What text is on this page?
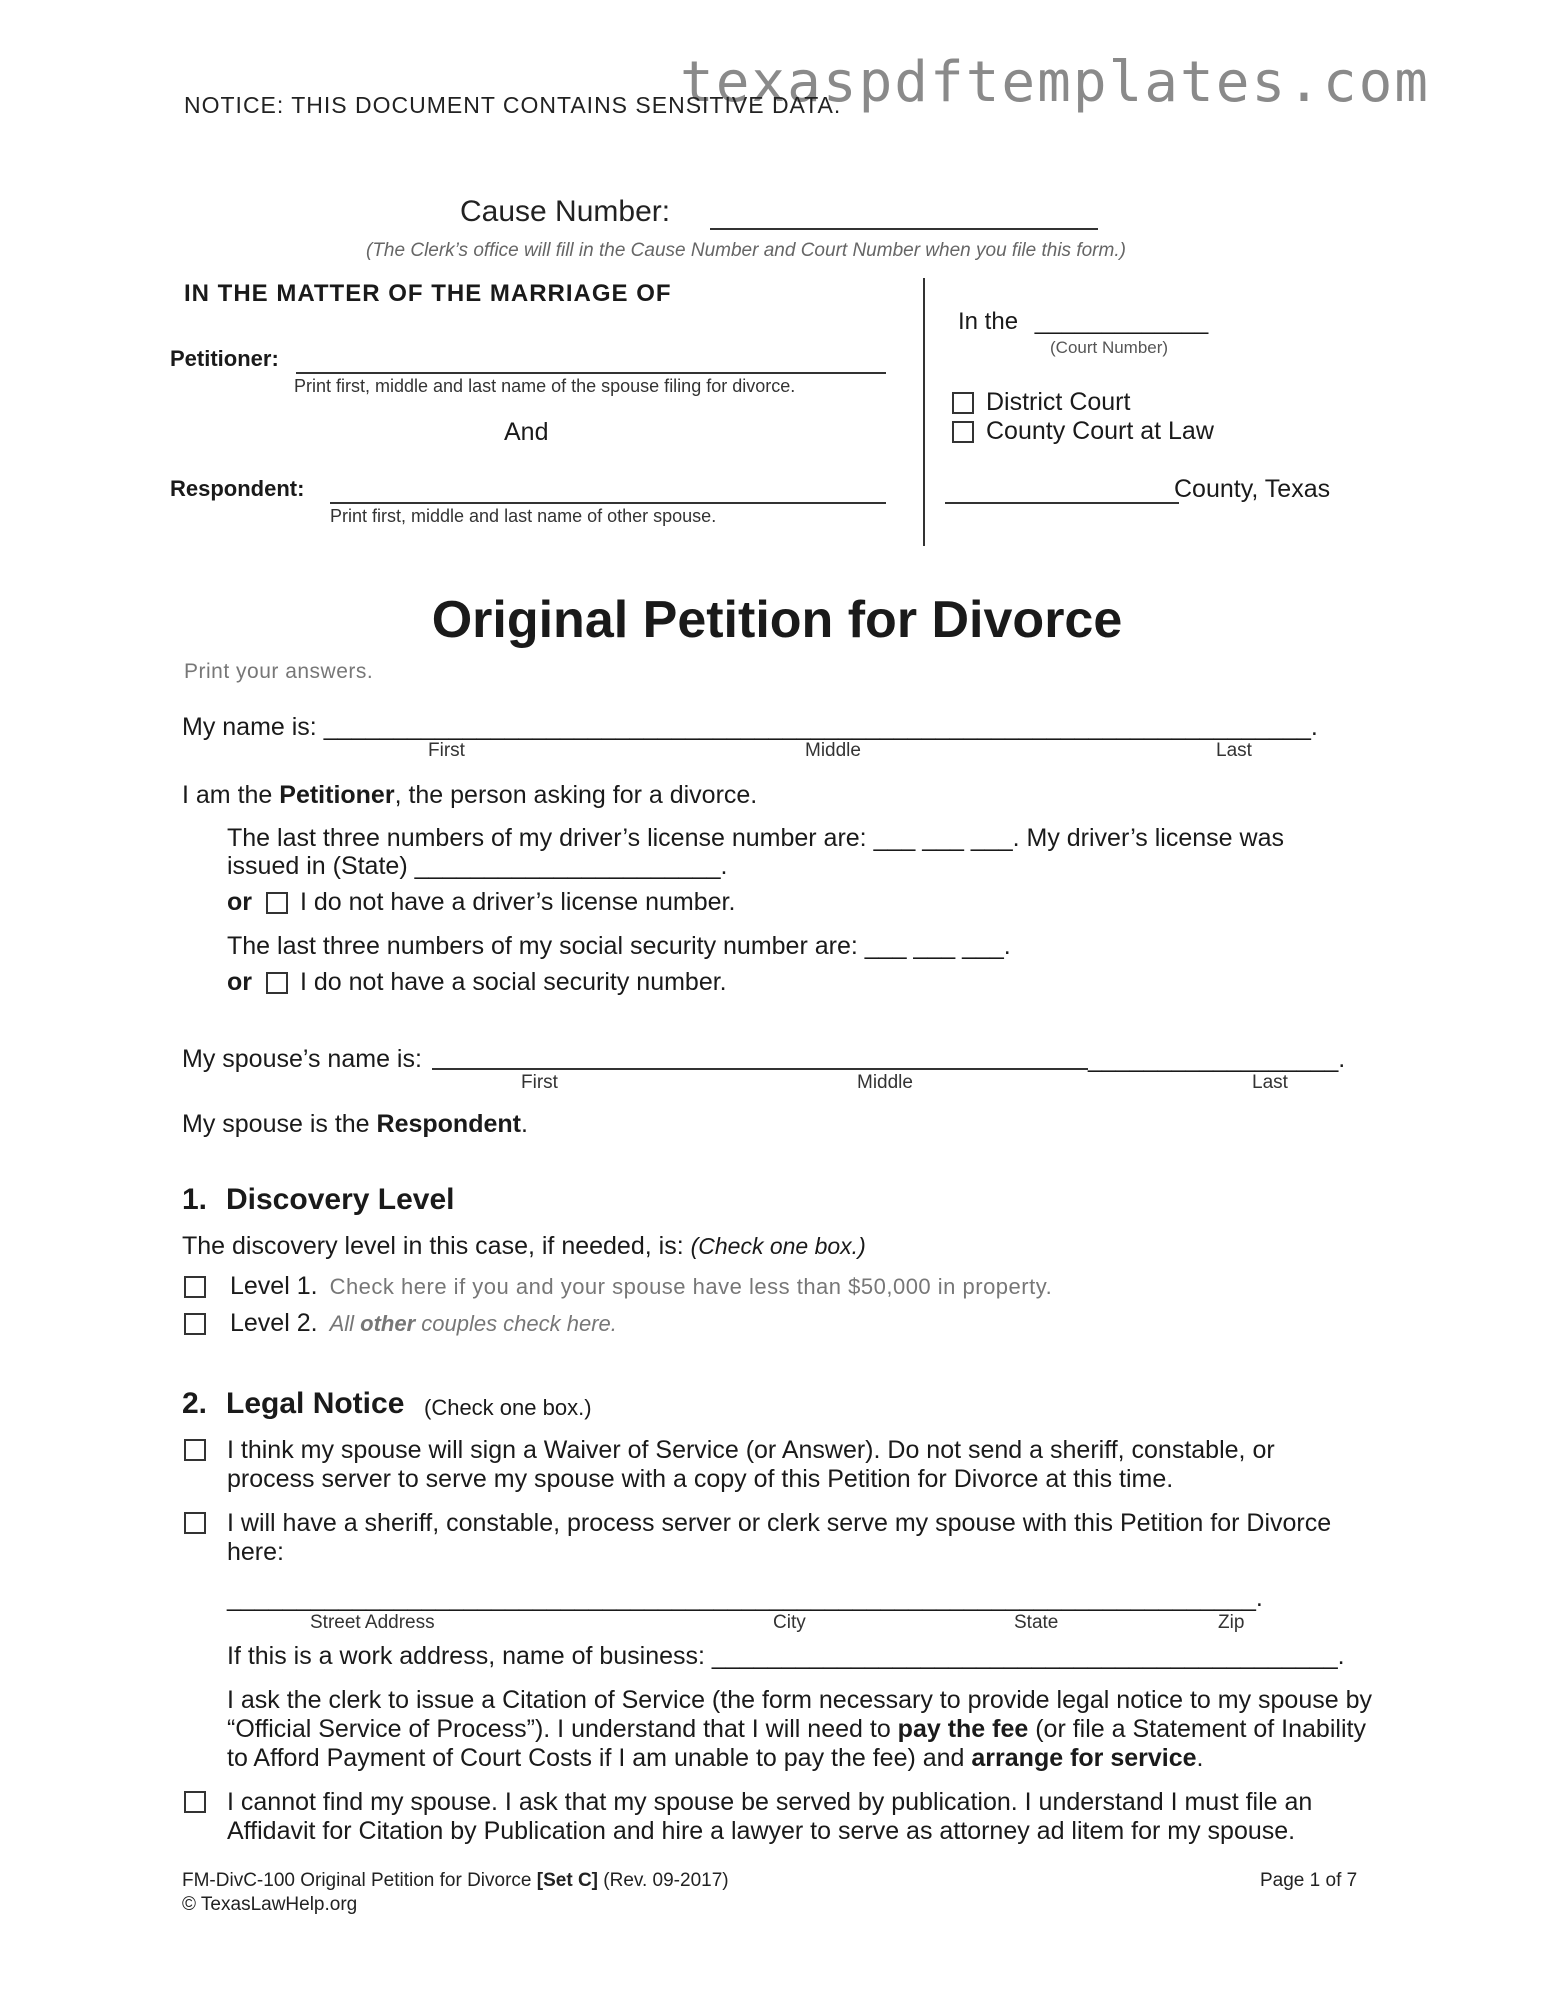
texaspdftemplates.com
NOTICE: THIS DOCUMENT CONTAINS SENSITIVE DATA.
Cause Number:
(The Clerk’s office will fill in the Cause Number and Court Number when you file this form.)
IN THE MATTER OF THE MARRIAGE OF
Petitioner:
Print first, middle and last name of the spouse filing for divorce.
And
Respondent:
Print first, middle and last name of other spouse.
In the _____________
(Court Number)
District Court
County Court at Law
County, Texas
Original Petition for Divorce
Print your answers.
My name is: _______________________________________________________________________.
First	Middle	Last
I am the Petitioner, the person asking for a divorce.
The last three numbers of my driver’s license number are: ___ ___ ___. My driver’s license was
issued in (State) ______________________.
or I do not have a driver’s license number.
The last three numbers of my social security number are: ___ ___ ___.
or I do not have a social security number.
My spouse’s name is:	__________________.
First	Middle	Last
My spouse is the Respondent.
1. Discovery Level
The discovery level in this case, if needed, is: (Check one box.)
Level 1. Check here if you and your spouse have less than $50,000 in property.
Level 2. All other couples check here.
2. Legal Notice (Check one box.)
I think my spouse will sign a Waiver of Service (or Answer). Do not send a sheriff, constable, or
process server to serve my spouse with a copy of this Petition for Divorce at this time.
I will have a sheriff, constable, process server or clerk serve my spouse with this Petition for Divorce
here:
__________________________________________________________________________.
Street Address	City	State	Zip
If this is a work address, name of business: _____________________________________________.
I ask the clerk to issue a Citation of Service (the form necessary to provide legal notice to my spouse by
“Official Service of Process”). I understand that I will need to pay the fee (or file a Statement of Inability
to Afford Payment of Court Costs if I am unable to pay the fee) and arrange for service.
I cannot find my spouse. I ask that my spouse be served by publication. I understand I must file an
Affidavit for Citation by Publication and hire a lawyer to serve as attorney ad litem for my spouse.
FM-DivC-100 Original Petition for Divorce [Set C] (Rev. 09-2017)
© TexasLawHelp.org
Page 1 of 7
